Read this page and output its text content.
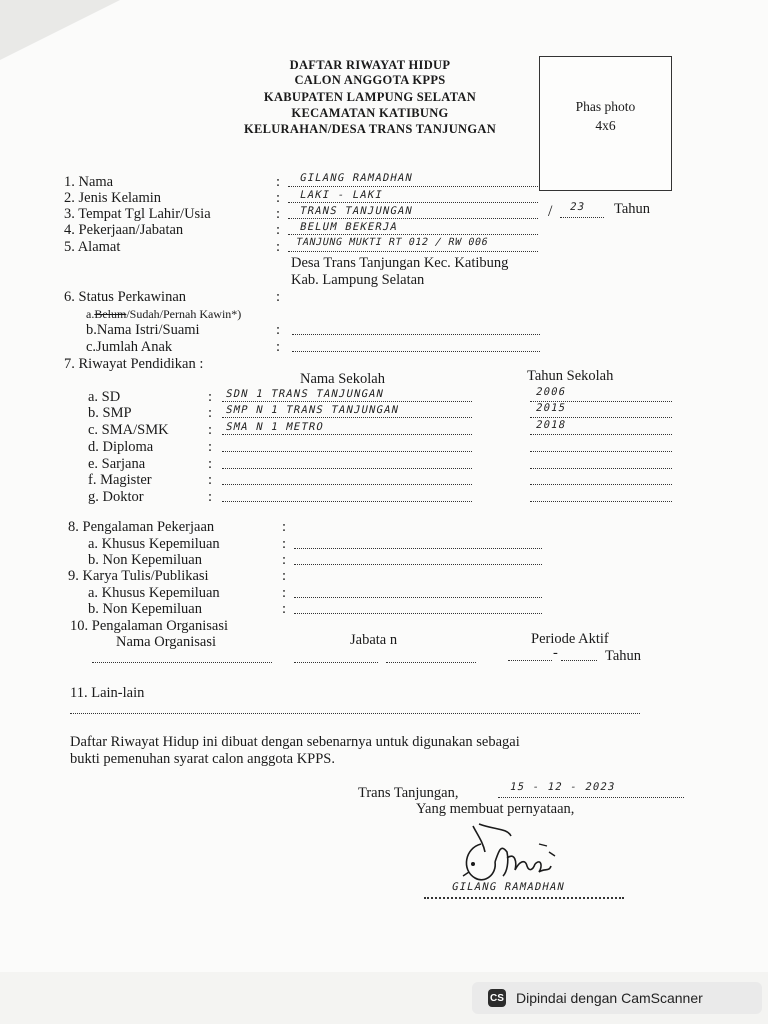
DAFTAR RIWAYAT HIDUP
CALON ANGGOTA KPPS
KABUPATEN LAMPUNG SELATAN
KECAMATAN KATIBUNG
KELURAHAN/DESA TRANS TANJUNGAN
Phas photo
4x6
1. Nama	: GILANG RAMADHAN
2. Jenis Kelamin	: LAKI - LAKI
3. Tempat Tgl Lahir/Usia	: TRANS TANJUNGAN	/ 23 Tahun
4. Pekerjaan/Jabatan	: BELUM BEKERJA
5. Alamat	: TANJUNG MUKTI RT 012 / RW 006
Desa Trans Tanjungan Kec. Katibung
Kab. Lampung Selatan
6. Status Perkawinan	:
a.Belum/Sudah/Pernah Kawin*)
b.Nama Istri/Suami	:
c.Jumlah Anak	:
7. Riwayat Pendidikan :
Nama Sekolah	Tahun Sekolah
a. SD	: SDN 1 TRANS TANJUNGAN	2006
b. SMP	: SMP N 1 TRANS TANJUNGAN	2015
c. SMA/SMK	: SMA N 1 METRO	2018
d. Diploma	:
e. Sarjana	:
f. Magister	:
g. Doktor	:
8. Pengalaman Pekerjaan	:
a. Khusus Kepemiluan	:
b. Non Kepemiluan	:
9. Karya Tulis/Publikasi	:
a. Khusus Kepemiluan	:
b. Non Kepemiluan	:
10. Pengalaman Organisasi
Nama Organisasi	Jabata n	Periode Aktif
-	Tahun
11. Lain-lain
Daftar Riwayat Hidup ini dibuat dengan sebenarnya untuk digunakan sebagai
bukti pemenuhan syarat calon anggota KPPS.
Trans Tanjungan,	15 - 12 - 2023
Yang membuat pernyataan,
GILANG RAMADHAN
CS Dipindai dengan CamScanner
